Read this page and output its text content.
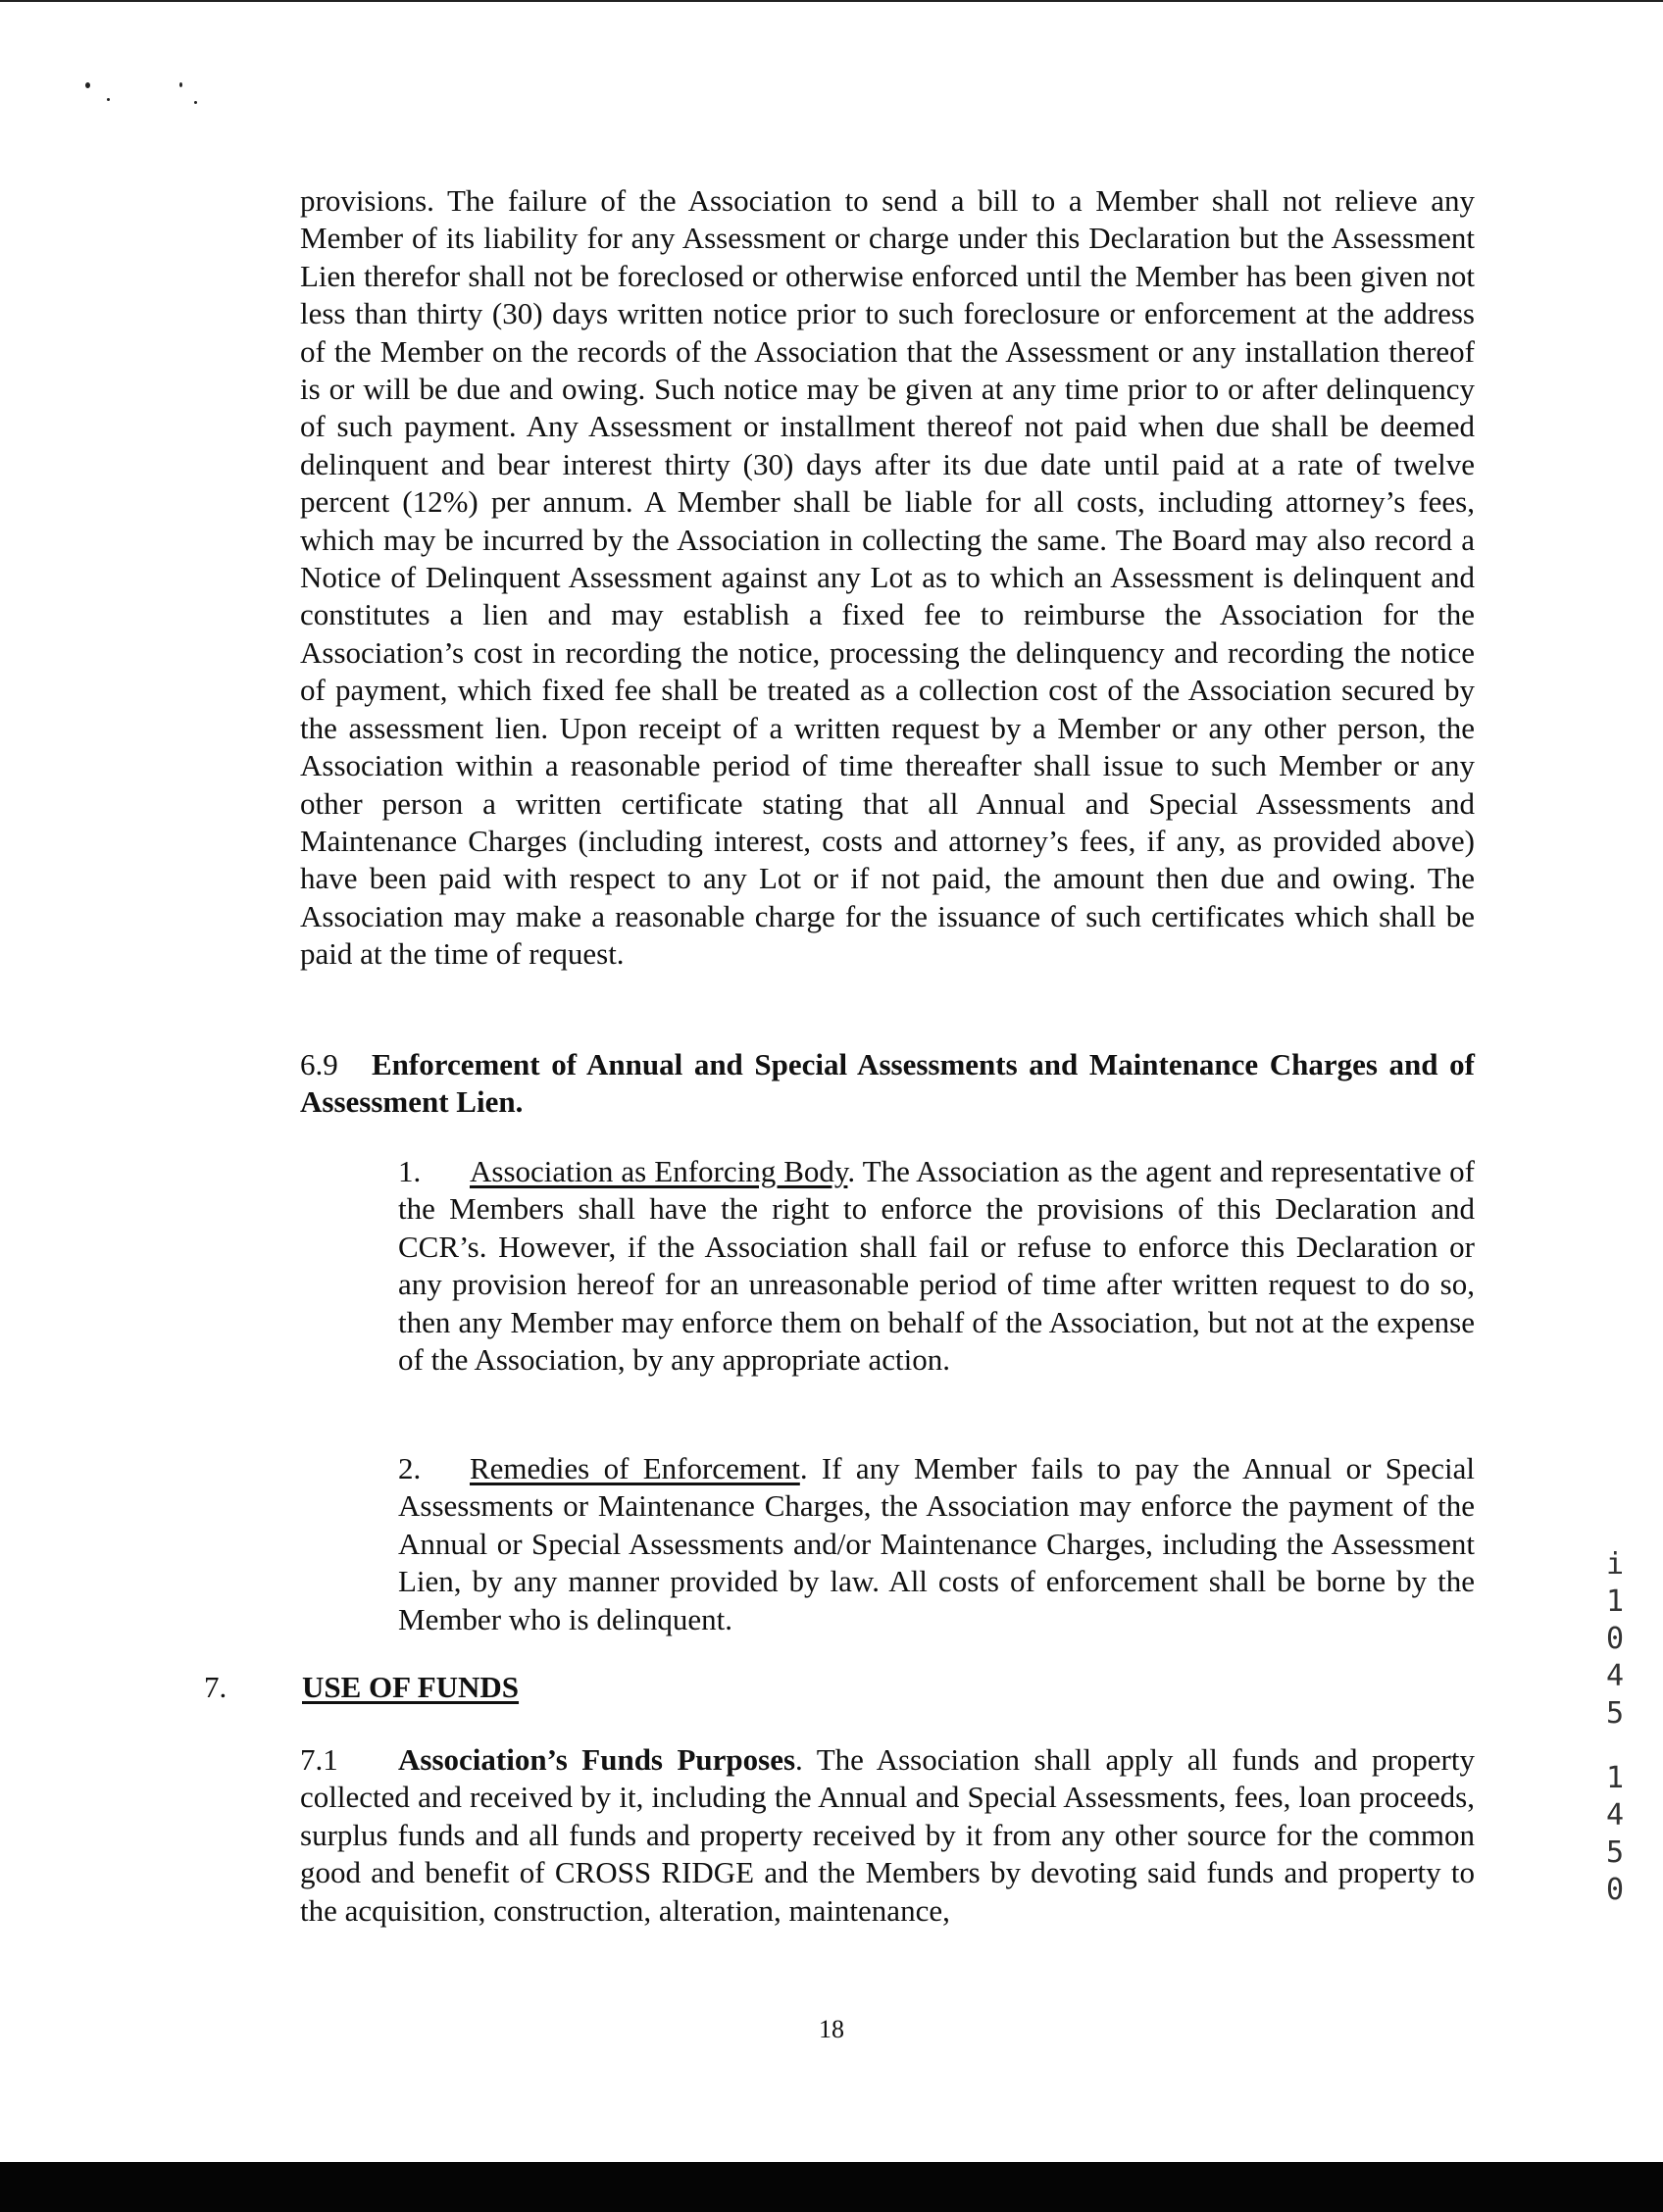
provisions. The failure of the Association to send a bill to a Member shall not relieve any Member of its liability for any Assessment or charge under this Declaration but the Assessment Lien therefor shall not be foreclosed or otherwise enforced until the Member has been given not less than thirty (30) days written notice prior to such foreclosure or enforcement at the address of the Member on the records of the Association that the Assessment or any installation thereof is or will be due and owing. Such notice may be given at any time prior to or after delinquency of such payment. Any Assessment or installment thereof not paid when due shall be deemed delinquent and bear interest thirty (30) days after its due date until paid at a rate of twelve percent (12%) per annum. A Member shall be liable for all costs, including attorney’s fees, which may be incurred by the Association in collecting the same. The Board may also record a Notice of Delinquent Assessment against any Lot as to which an Assessment is delinquent and constitutes a lien and may establish a fixed fee to reimburse the Association for the Association’s cost in recording the notice, processing the delinquency and recording the notice of payment, which fixed fee shall be treated as a collection cost of the Association secured by the assessment lien. Upon receipt of a written request by a Member or any other person, the Association within a reasonable period of time thereafter shall issue to such Member or any other person a written certificate stating that all Annual and Special Assessments and Maintenance Charges (including interest, costs and attorney’s fees, if any, as provided above) have been paid with respect to any Lot or if not paid, the amount then due and owing. The Association may make a reasonable charge for the issuance of such certificates which shall be paid at the time of request.

6.9 Enforcement of Annual and Special Assessments and Maintenance Charges and of Assessment Lien.

1. Association as Enforcing Body. The Association as the agent and representative of the Members shall have the right to enforce the provisions of this Declaration and CCR’s. However, if the Association shall fail or refuse to enforce this Declaration or any provision hereof for an unreasonable period of time after written request to do so, then any Member may enforce them on behalf of the Association, but not at the expense of the Association, by any appropriate action.

2. Remedies of Enforcement. If any Member fails to pay the Annual or Special Assessments or Maintenance Charges, the Association may enforce the payment of the Annual or Special Assessments and/or Maintenance Charges, including the Assessment Lien, by any manner provided by law. All costs of enforcement shall be borne by the Member who is delinquent.

7. USE OF FUNDS

7.1 Association’s Funds Purposes. The Association shall apply all funds and property collected and received by it, including the Annual and Special Assessments, fees, loan proceeds, surplus funds and all funds and property received by it from any other source for the common good and benefit of CROSS RIDGE and the Members by devoting said funds and property to the acquisition, construction, alteration, maintenance,

18
i
1
0
4
5
1
4
5
0
